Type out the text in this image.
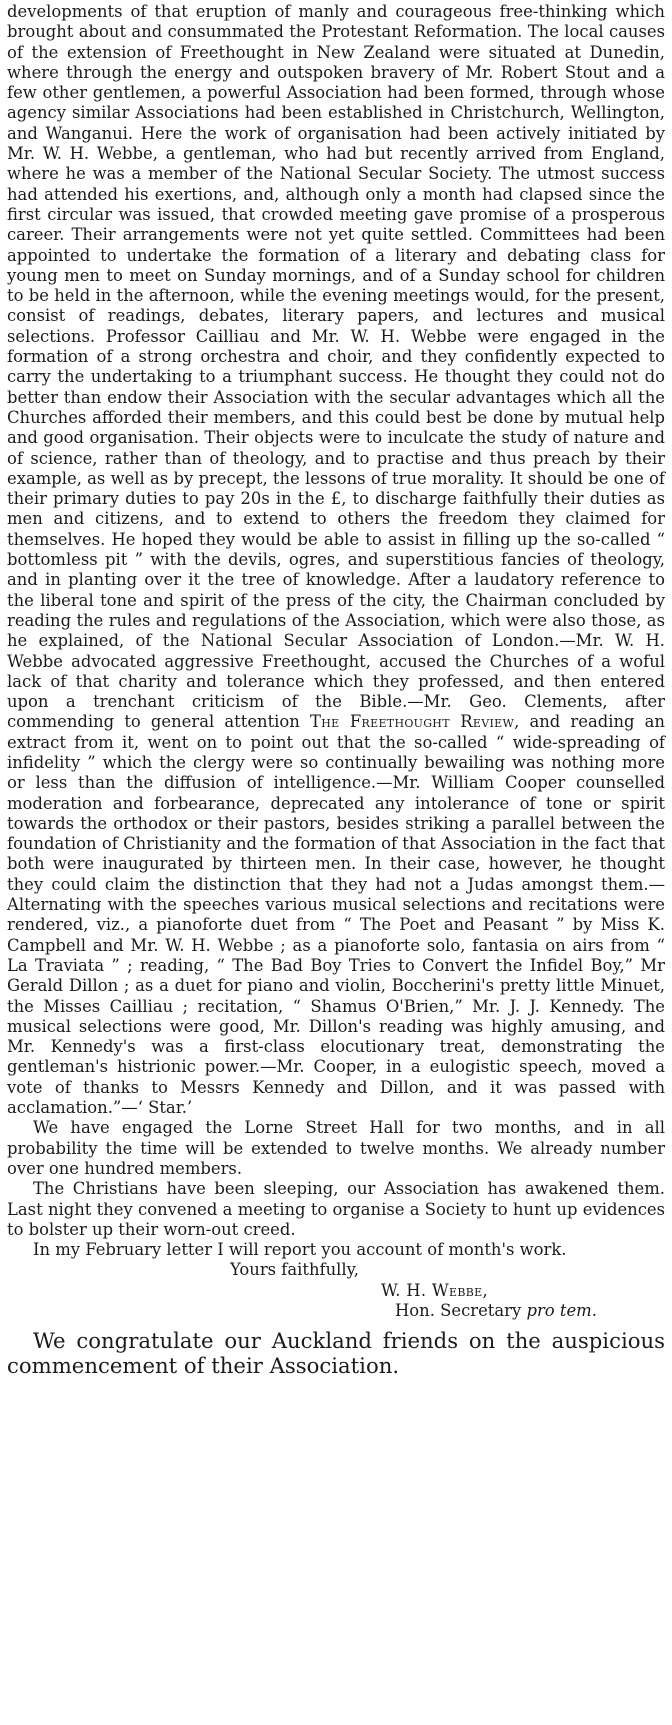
developments of that eruption of manly and courageous free-thinking which brought about and consummated the Protestant Reformation. The local causes of the extension of Freethought in New Zealand were situated at Dunedin, where through the energy and outspoken bravery of Mr. Robert Stout and a few other gentlemen, a powerful Association had been formed, through whose agency similar Associations had been established in Christchurch, Wellington, and Wanganui. Here the work of organisation had been actively initiated by Mr. W. H. Webbe, a gentleman, who had but recently arrived from England, where he was a member of the National Secular Society. The utmost success had attended his exertions, and, although only a month had clapsed since the first circular was issued, that crowded meeting gave promise of a prosperous career. Their arrangements were not yet quite settled. Committees had been appointed to undertake the formation of a literary and debating class for young men to meet on Sunday mornings, and of a Sunday school for children to be held in the afternoon, while the evening meetings would, for the present, consist of readings, debates, literary papers, and lectures and musical selections. Professor Cailliau and Mr. W. H. Webbe were engaged in the formation of a strong orchestra and choir, and they confidently expected to carry the undertaking to a triumphant success. He thought they could not do better than endow their Association with the secular advantages which all the Churches afforded their members, and this could best be done by mutual help and good organisation. Their objects were to inculcate the study of nature and of science, rather than of theology, and to practise and thus preach by their example, as well as by precept, the lessons of true morality. It should be one of their primary duties to pay 20s in the £, to discharge faithfully their duties as men and citizens, and to extend to others the freedom they claimed for themselves. He hoped they would be able to assist in filling up the so-called “ bottomless pit ” with the devils, ogres, and superstitious fancies of theology, and in planting over it the tree of knowledge. After a laudatory reference to the liberal tone and spirit of the press of the city, the Chairman concluded by reading the rules and regulations of the Association, which were also those, as he explained, of the National Secular Association of London.—Mr. W. H. Webbe advocated aggressive Freethought, accused the Churches of a woful lack of that charity and tolerance which they professed, and then entered upon a trenchant criticism of the Bible.—Mr. Geo. Clements, after commending to general attention The Freethought Review, and reading an extract from it, went on to point out that the so-called “ wide-spreading of infidelity ” which the clergy were so continually bewailing was nothing more or less than the diffusion of intelligence.—Mr. William Cooper counselled moderation and forbearance, deprecated any intolerance of tone or spirit towards the orthodox or their pastors, besides striking a parallel between the foundation of Christianity and the formation of that Association in the fact that both were inaugurated by thirteen men. In their case, however, he thought they could claim the distinction that they had not a Judas amongst them.—Alternating with the speeches various musical selections and recitations were rendered, viz., a pianoforte duet from “ The Poet and Peasant ” by Miss K. Campbell and Mr. W. H. Webbe ; as a pianoforte solo, fantasia on airs from “ La Traviata ” ; reading, “ The Bad Boy Tries to Convert the Infidel Boy,” Mr Gerald Dillon ; as a duet for piano and violin, Boccherini's pretty little Minuet, the Misses Cailliau ; recitation, “ Shamus O'Brien,” Mr. J. J. Kennedy. The musical selections were good, Mr. Dillon's reading was highly amusing, and Mr. Kennedy's was a first-class elocutionary treat, demonstrating the gentleman's histrionic power.—Mr. Cooper, in a eulogistic speech, moved a vote of thanks to Messrs Kennedy and Dillon, and it was passed with acclamation.”—‘ Star.’

We have engaged the Lorne Street Hall for two months, and in all probability the time will be extended to twelve months. We already number over one hundred members.

The Christians have been sleeping, our Association has awakened them. Last night they convened a meeting to organise a Society to hunt up evidences to bolster up their worn-out creed.

In my February letter I will report you account of month's work.

Yours faithfully,

W. H. Webbe,

Hon. Secretary pro tem.

We congratulate our Auckland friends on the auspicious commencement of their Association.
